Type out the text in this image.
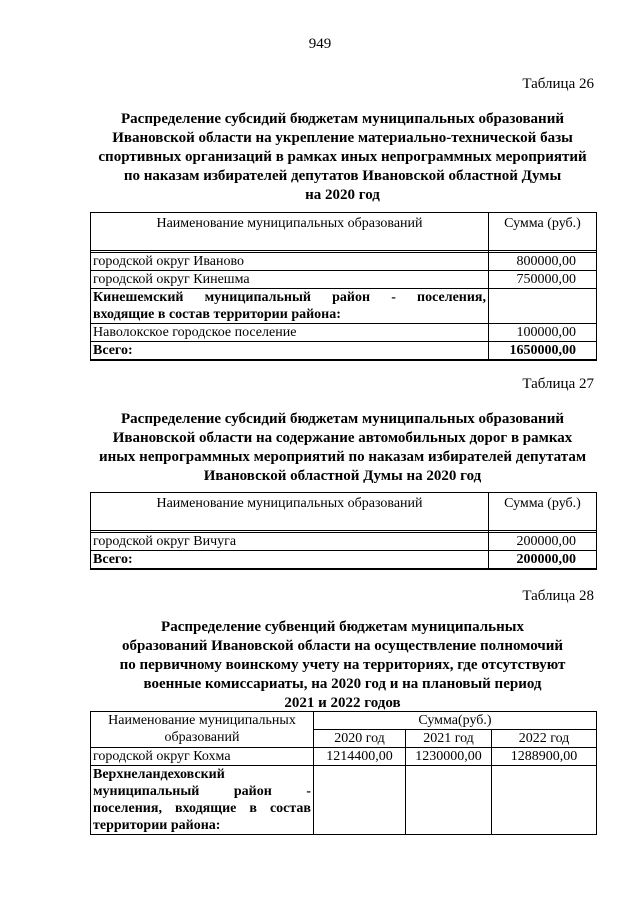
949
Таблица 26
Распределение субсидий бюджетам муниципальных образований
Ивановской области на укрепление материально-технической базы
спортивных организаций в рамках иных непрограммных мероприятий
по наказам избирателей депутатов Ивановской областной Думы
на 2020 год
Наименование муниципальных образований	Сумма (руб.)

городской округ Иваново	800000,00
городской округ Кинешма	750000,00

Кинешемский муниципальный район - поселения,
входящие в состав территории района:	

Наволокское городское поселение	100000,00
Всего:	1650000,00
Таблица 27
Распределение субсидий бюджетам муниципальных образований
Ивановской области на содержание автомобильных дорог в рамках
иных непрограммных мероприятий по наказам избирателей депутатам
Ивановской областной Думы на 2020 год
Наименование муниципальных образований	Сумма (руб.)

городской округ Вичуга	200000,00
Всего:	200000,00
Таблица 28
Распределение субвенций бюджетам муниципальных
образований Ивановской области на осуществление полномочий
по первичному воинскому учету на территориях, где отсутствуют
военные комиссариаты, на 2020 год и на плановый период
2021 и 2022 годов
Наименование муниципальных
образований	Сумма(руб.)		
	2020 год	2021 год	2022 год
городской округ Кохма	1214400,00	1230000,00	1288900,00

Верхнеландеховский
муниципальный район -
поселения, входящие в состав
территории района:			
